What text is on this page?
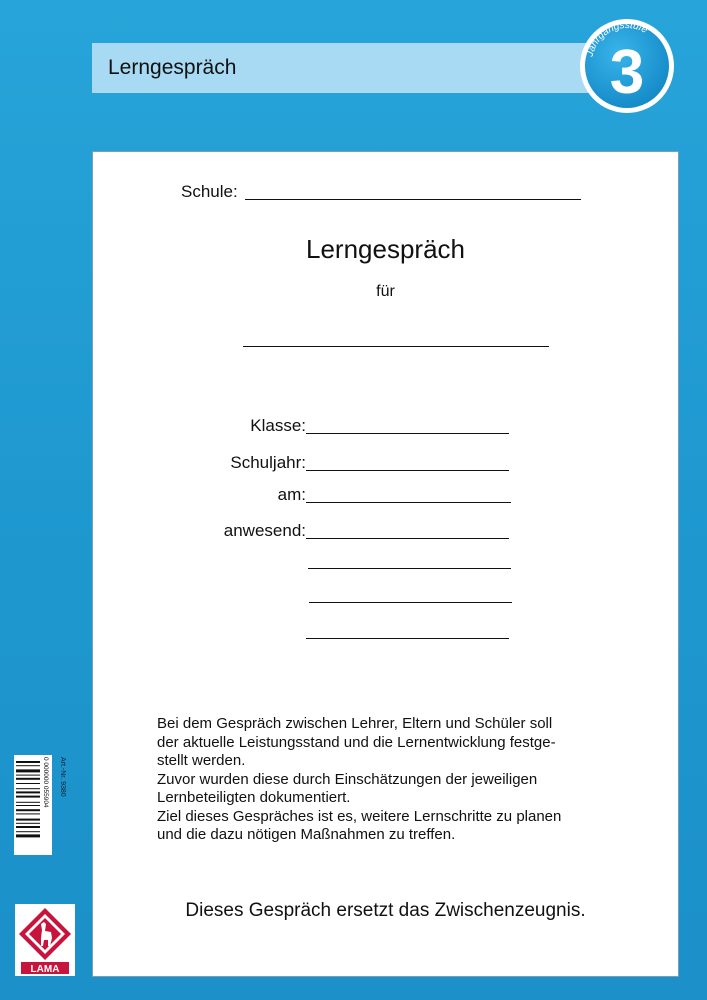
Lerngespräch
Jahrgangsstufe
3
Schule:
Lerngespräch
für
Klasse:
Schuljahr:
am:
anwesend:

Bei dem Gespräch zwischen Lehrer, Eltern und Schüler soll

der aktuelle Leistungsstand und die Lernentwicklung festge-

stellt werden.

Zuvor wurden diese durch Einschätzungen der jeweiligen

Lernbeteiligten dokumentiert.

Ziel dieses Gespräches ist es, weitere Lernschritte zu planen

und die dazu nötigen Maßnahmen zu treffen.

Dieses Gespräch ersetzt das Zwischenzeugnis.
0 000000 055904 Art.-Nr. 9380
LAMA
